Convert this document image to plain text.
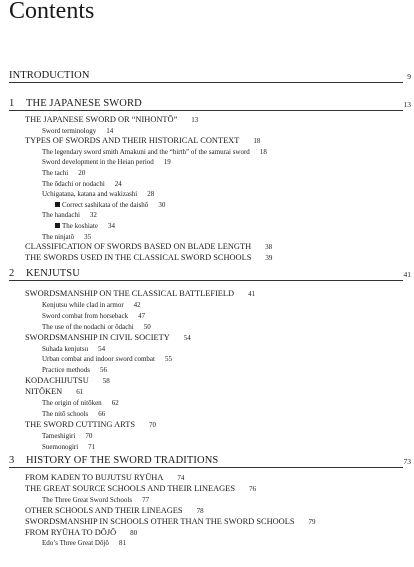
Contents
INTRODUCTION	9
1	THE JAPANESE SWORD	13
THE JAPANESE SWORD OR “NIHONTŌ” 13
Sword terminology 14
TYPES OF SWORDS AND THEIR HISTORICAL CONTEXT 18
The legendary sword smith Amakuni and the “birth” of the samurai sword 18
Sword development in the Heian period 19
The tachi 20
The ōdachi or nodachi 24
Uchigatana, katana and wakizashi 28
Correct sashikata of the daishō 30
The handachi 32
The koshiate 34
The ninjatō 35
CLASSIFICATION OF SWORDS BASED ON BLADE LENGTH 38
THE SWORDS USED IN THE CLASSICAL SWORD SCHOOLS 39
2	KENJUTSU	41
SWORDSMANSHIP ON THE CLASSICAL BATTLEFIELD 41
Kenjutsu while clad in armor 42
Sword combat from horseback 47
The use of the nodachi or ōdachi 50
SWORDSMANSHIP IN CIVIL SOCIETY 54
Suhada kenjutsu 54
Urban combat and indoor sword combat 55
Practice methods 56
KODACHIJUTSU 58
NITŌKEN 61
The origin of nitōken 62
The nitō schools 66
THE SWORD CUTTING ARTS 70
Tameshigiri 70
Suemonogiri 71
3	HISTORY OF THE SWORD TRADITIONS	73
FROM KADEN TO BUJUTSU RYŪHA 74
THE GREAT SOURCE SCHOOLS AND THEIR LINEAGES 76
The Three Great Sword Schools 77
OTHER SCHOOLS AND THEIR LINEAGES 78
SWORDSMANSHIP IN SCHOOLS OTHER THAN THE SWORD SCHOOLS 79
FROM RYŪHA TO DŌJŌ 80
Edo’s Three Great Dōjō 81
